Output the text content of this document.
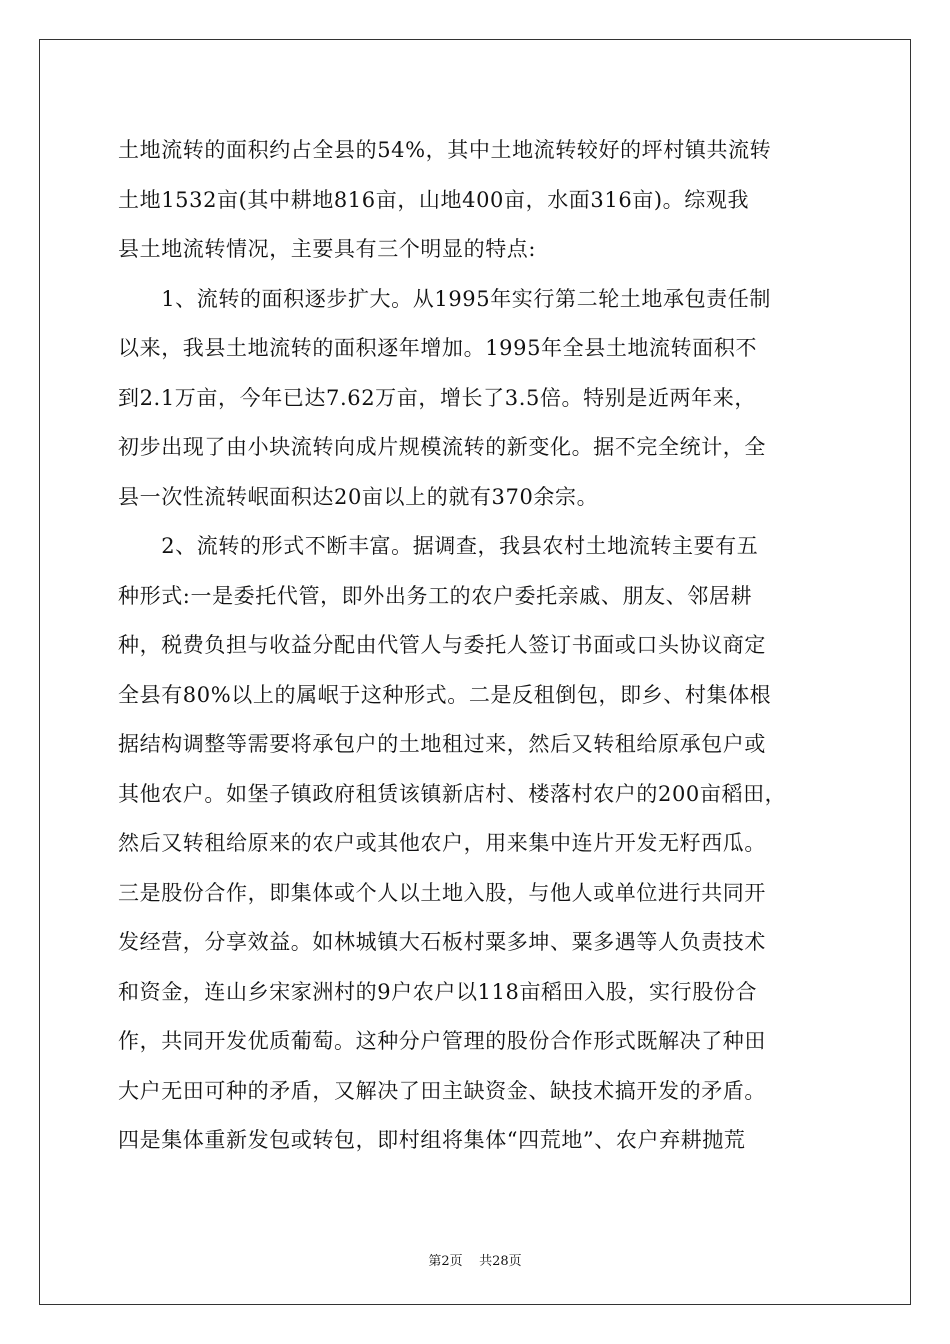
土地流转的面积约占全县的54%，其中土地流转较好的坪村镇共流转
土地1532亩(其中耕地816亩，山地400亩，水面316亩)。综观我
县土地流转情况，主要具有三个明显的特点:
　　1、流转的面积逐步扩大。从1995年实行第二轮土地承包责任制
以来，我县土地流转的面积逐年增加。1995年全县土地流转面积不
到2.1万亩，今年已达7.62万亩，增长了3.5倍。特别是近两年来，
初步出现了由小块流转向成片规模流转的新变化。据不完全统计，全
县一次性流转岷面积达20亩以上的就有370余宗。
　　2、流转的形式不断丰富。据调查，我县农村土地流转主要有五
种形式:一是委托代管，即外出务工的农户委托亲戚、朋友、邻居耕
种，税费负担与收益分配由代管人与委托人签订书面或口头协议商定
全县有80%以上的属岷于这种形式。二是反租倒包，即乡、村集体根
据结构调整等需要将承包户的土地租过来，然后又转租给原承包户或
其他农户。如堡子镇政府租赁该镇新店村、楼落村农户的200亩稻田，
然后又转租给原来的农户或其他农户，用来集中连片开发无籽西瓜。
三是股份合作，即集体或个人以土地入股，与他人或单位进行共同开
发经营，分享效益。如林城镇大石板村粟多坤、粟多遇等人负责技术
和资金，连山乡宋家洲村的9户农户以118亩稻田入股，实行股份合
作，共同开发优质葡萄。这种分户管理的股份合作形式既解决了种田
大户无田可种的矛盾，又解决了田主缺资金、缺技术搞开发的矛盾。
四是集体重新发包或转包，即村组将集体“四荒地”、农户弃耕抛荒
第2页 共28页
